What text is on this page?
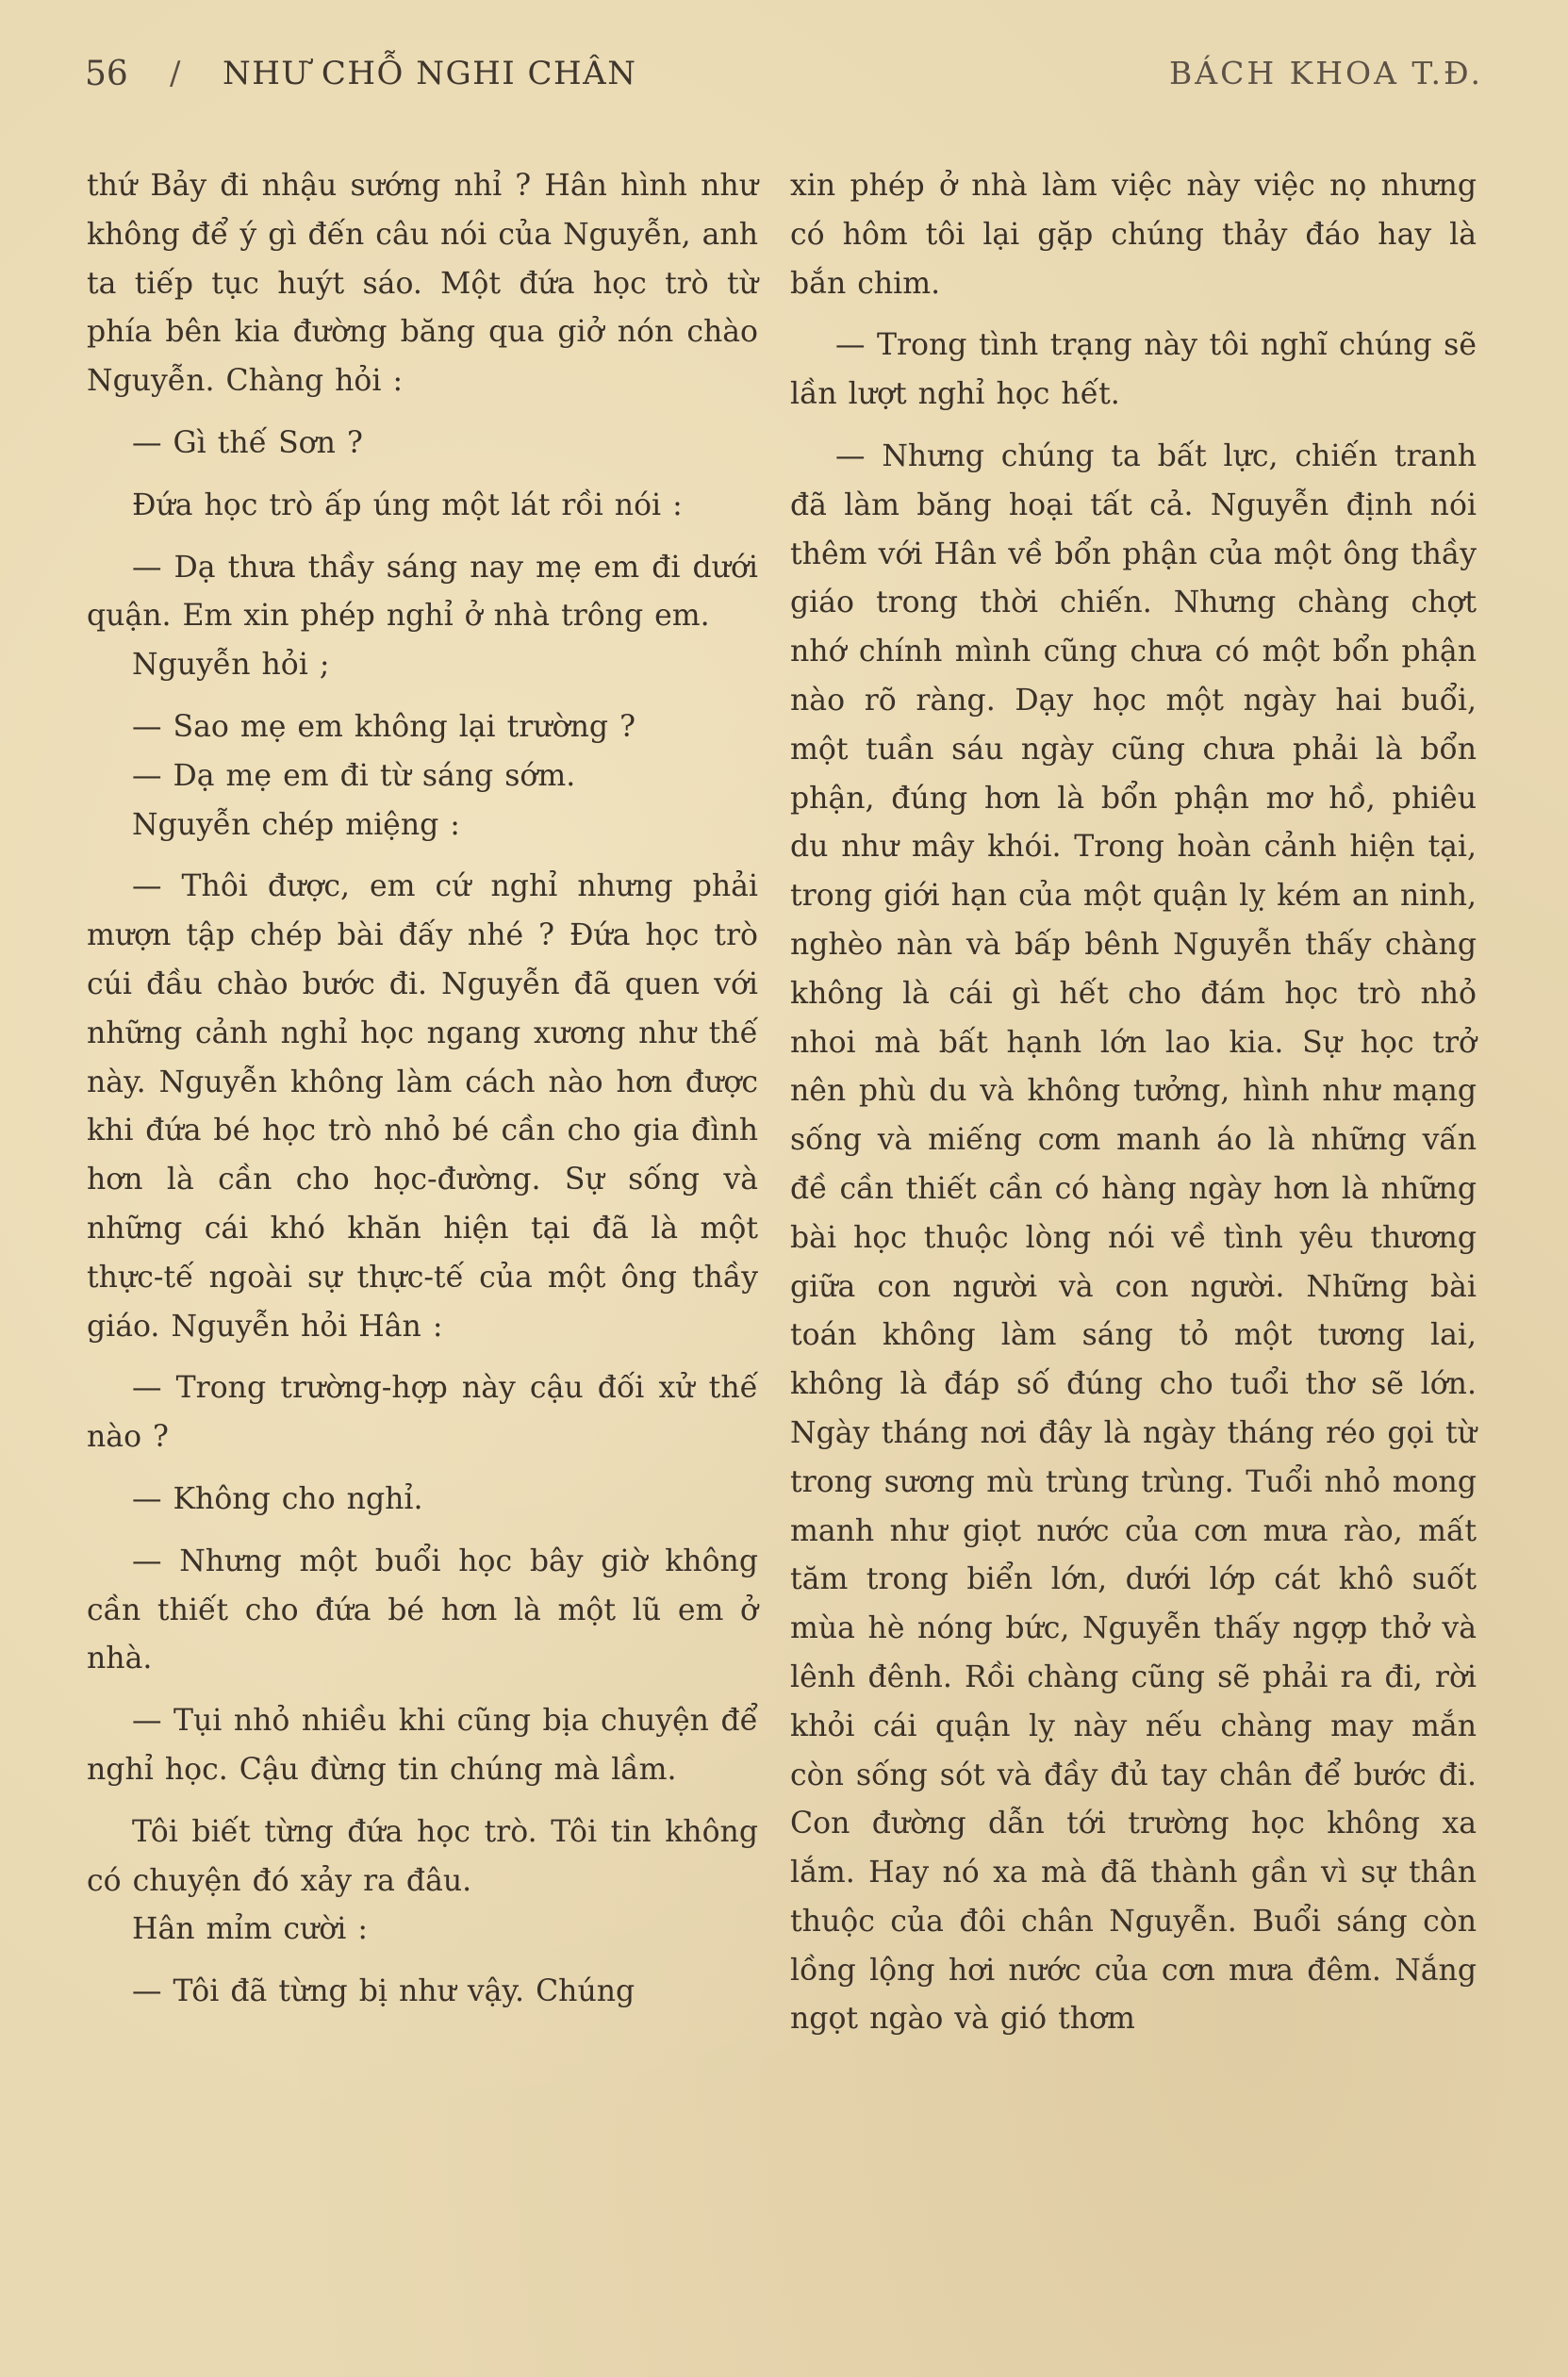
56 / NHƯ CHỖ NGHI CHÂN	BÁCH KHOA T.Đ.

thứ Bảy đi nhậu sướng nhỉ ? Hân hình như không để ý gì đến câu nói của Nguyễn, anh ta tiếp tục huýt sáo. Một đứa học trò từ phía bên kia đường băng qua giở nón chào Nguyễn. Chàng hỏi :

— Gì thế Sơn ?

Đứa học trò ấp úng một lát rồi nói :

— Dạ thưa thầy sáng nay mẹ em đi dưới quận. Em xin phép nghỉ ở nhà trông em.

Nguyễn hỏi ;

— Sao mẹ em không lại trường ?

— Dạ mẹ em đi từ sáng sớm.

Nguyễn chép miệng :

— Thôi được, em cứ nghỉ nhưng phải mượn tập chép bài đấy nhé ? Đứa học trò cúi đầu chào bước đi. Nguyễn đã quen với những cảnh nghỉ học ngang xương như thế này. Nguyễn không làm cách nào hơn được khi đứa bé học trò nhỏ bé cần cho gia đình hơn là cần cho học-đường. Sự sống và những cái khó khăn hiện tại đã là một thực-tế ngoài sự thực-tế của một ông thầy giáo. Nguyễn hỏi Hân :

— Trong trường-hợp này cậu đối xử thế nào ?

— Không cho nghỉ.

— Nhưng một buổi học bây giờ không cần thiết cho đứa bé hơn là một lũ em ở nhà.

— Tụi nhỏ nhiều khi cũng bịa chuyện để nghỉ học. Cậu đừng tin chúng mà lầm.

Tôi biết từng đứa học trò. Tôi tin không có chuyện đó xảy ra đâu.

Hân mỉm cười :

— Tôi đã từng bị như vậy. Chúng

xin phép ở nhà làm việc này việc nọ nhưng có hôm tôi lại gặp chúng thảy đáo hay là bắn chim.

— Trong tình trạng này tôi nghĩ chúng sẽ lần lượt nghỉ học hết.

— Nhưng chúng ta bất lực, chiến tranh đã làm băng hoại tất cả. Nguyễn định nói thêm với Hân về bổn phận của một ông thầy giáo trong thời chiến. Nhưng chàng chợt nhớ chính mình cũng chưa có một bổn phận nào rõ ràng. Dạy học một ngày hai buổi, một tuần sáu ngày cũng chưa phải là bổn phận, đúng hơn là bổn phận mơ hồ, phiêu du như mây khói. Trong hoàn cảnh hiện tại, trong giới hạn của một quận lỵ kém an ninh, nghèo nàn và bấp bênh Nguyễn thấy chàng không là cái gì hết cho đám học trò nhỏ nhoi mà bất hạnh lớn lao kia. Sự học trở nên phù du và không tưởng, hình như mạng sống và miếng cơm manh áo là những vấn đề cần thiết cần có hàng ngày hơn là những bài học thuộc lòng nói về tình yêu thương giữa con người và con người. Những bài toán không làm sáng tỏ một tương lai, không là đáp số đúng cho tuổi thơ sẽ lớn. Ngày tháng nơi đây là ngày tháng réo gọi từ trong sương mù trùng trùng. Tuổi nhỏ mong manh như giọt nước của cơn mưa rào, mất tăm trong biển lớn, dưới lớp cát khô suốt mùa hè nóng bức, Nguyễn thấy ngợp thở và lênh đênh. Rồi chàng cũng sẽ phải ra đi, rời khỏi cái quận lỵ này nếu chàng may mắn còn sống sót và đầy đủ tay chân để bước đi. Con đường dẫn tới trường học không xa lắm. Hay nó xa mà đã thành gần vì sự thân thuộc của đôi chân Nguyễn. Buổi sáng còn lồng lộng hơi nước của cơn mưa đêm. Nắng ngọt ngào và gió thơm
